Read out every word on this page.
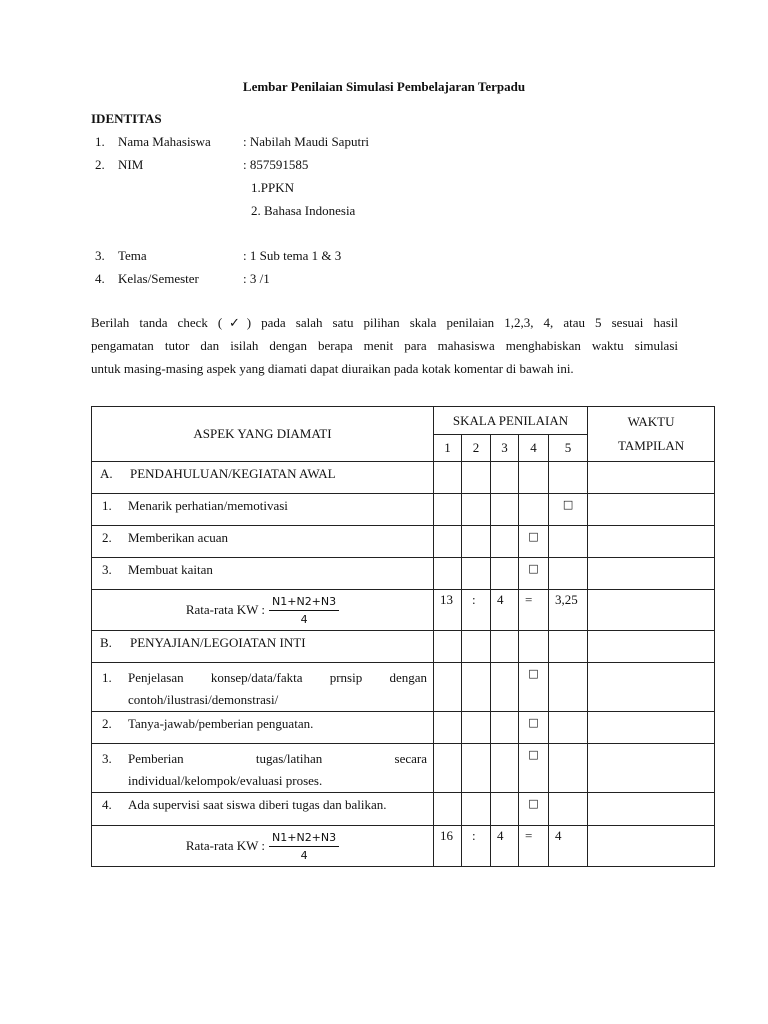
Lembar Penilaian Simulasi Pembelajaran Terpadu
IDENTITAS
1. Nama Mahasiswa : Nabilah Maudi Saputri
2. NIM	: 857591585
1.PPKN
2. Bahasa Indonesia
3. Tema	: 1 Sub tema 1 & 3
4. Kelas/Semester	: 3 /1

Berilah tanda check (✓) pada salah satu pilihan skala penilaian 1,2,3, 4, atau 5 sesuai hasil

pengamatan tutor dan isilah dengan berapa menit para mahasiswa menghabiskan waktu simulasi

untuk masing-masing aspek yang diamati dapat diuraikan pada kotak komentar di bawah ini.

ASPEK YANG DIAMATI	SKALA PENILAIAN					WAKTU
TAMPILAN

	1	2	3	4	5	

A. PENDAHULUAN/KEGIATAN AWAL						

1. Menarik perhatian/memotivasi					□	

2. Memberikan acuan				□		

3. Membuat kaitan				□		

Rata-rata KW : $\frac{N1+N2+N3}{4}$	13	:	4	=	3,25	

B. PENYAJIAN/LEGOIATAN INTI						

1. Penjelasan konsep/data/fakta prnsip dengan
contoh/ilustrasi/demonstrasi/				□		

2. Tanya-jawab/pemberian penguatan.				□		

3. Pemberian tugas/latihan secara
individual/kelompok/evaluasi proses.				□		

4. Ada supervisi saat siswa diberi tugas dan balikan.				□		

Rata-rata KW : $\frac{N1+N2+N3}{4}$	16	:	4	=	4	
